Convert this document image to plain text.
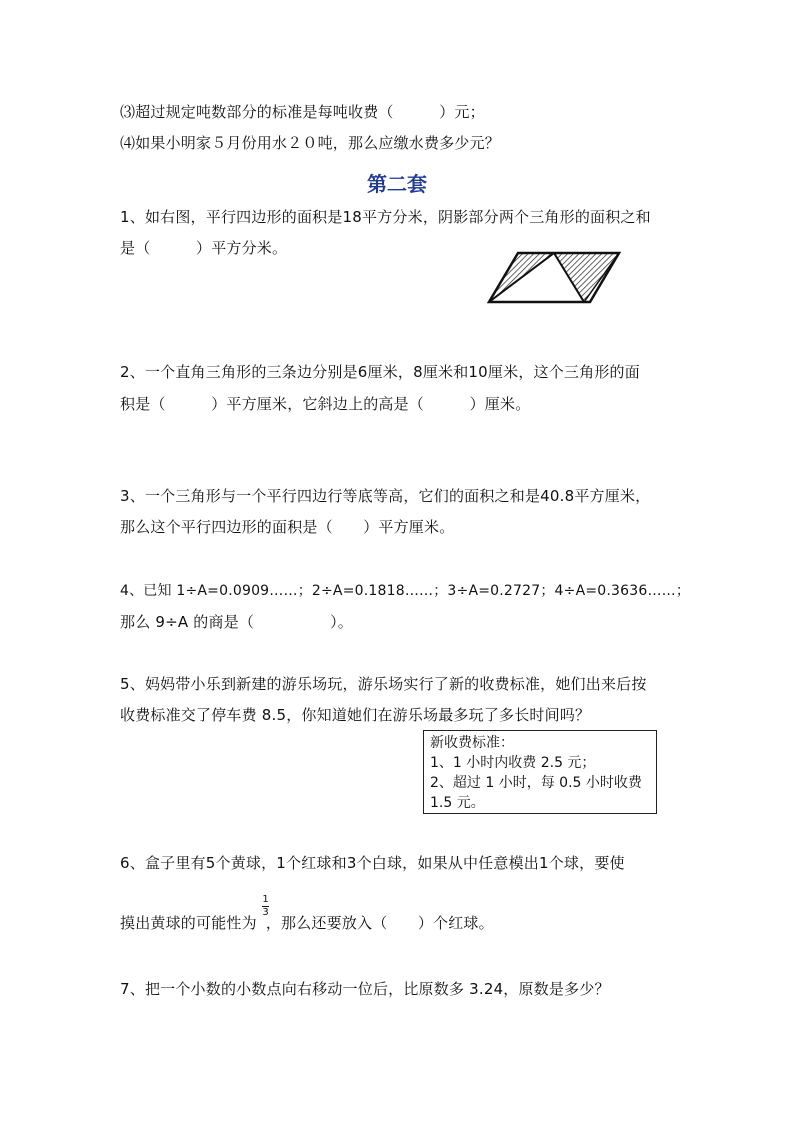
⑶超过规定吨数部分的标准是每吨收费（　　　）元；
⑷如果小明家５月份用水２０吨，那么应缴水费多少元？
第二套
1、如右图，平行四边形的面积是18平方分米，阴影部分两个三角形的面积之和
是（　　　）平方分米。
2、一个直角三角形的三条边分别是6厘米，8厘米和10厘米，这个三角形的面
积是（　　　）平方厘米，它斜边上的高是（　　　）厘米。
3、一个三角形与一个平行四边行等底等高，它们的面积之和是40.8平方厘米，
那么这个平行四边形的面积是（　　）平方厘米。
4、已知 1÷A=0.0909……；2÷A=0.1818……；3÷A=0.2727；4÷A=0.3636……；
那么 9÷A 的商是（　　　　　）。
5、妈妈带小乐到新建的游乐场玩，游乐场实行了新的收费标准，她们出来后按
收费标准交了停车费 8.5，你知道她们在游乐场最多玩了多长时间吗？
新收费标准：
1、1 小时内收费 2.5 元；
2、超过 1 小时，每 0.5 小时收费
1.5 元。
6、盒子里有5个黄球，1个红球和3个白球，如果从中任意模出1个球，要使
摸出黄球的可能性为 ，那么还要放入（　　）个红球。
1
3
7、把一个小数的小数点向右移动一位后，比原数多 3.24，原数是多少？
